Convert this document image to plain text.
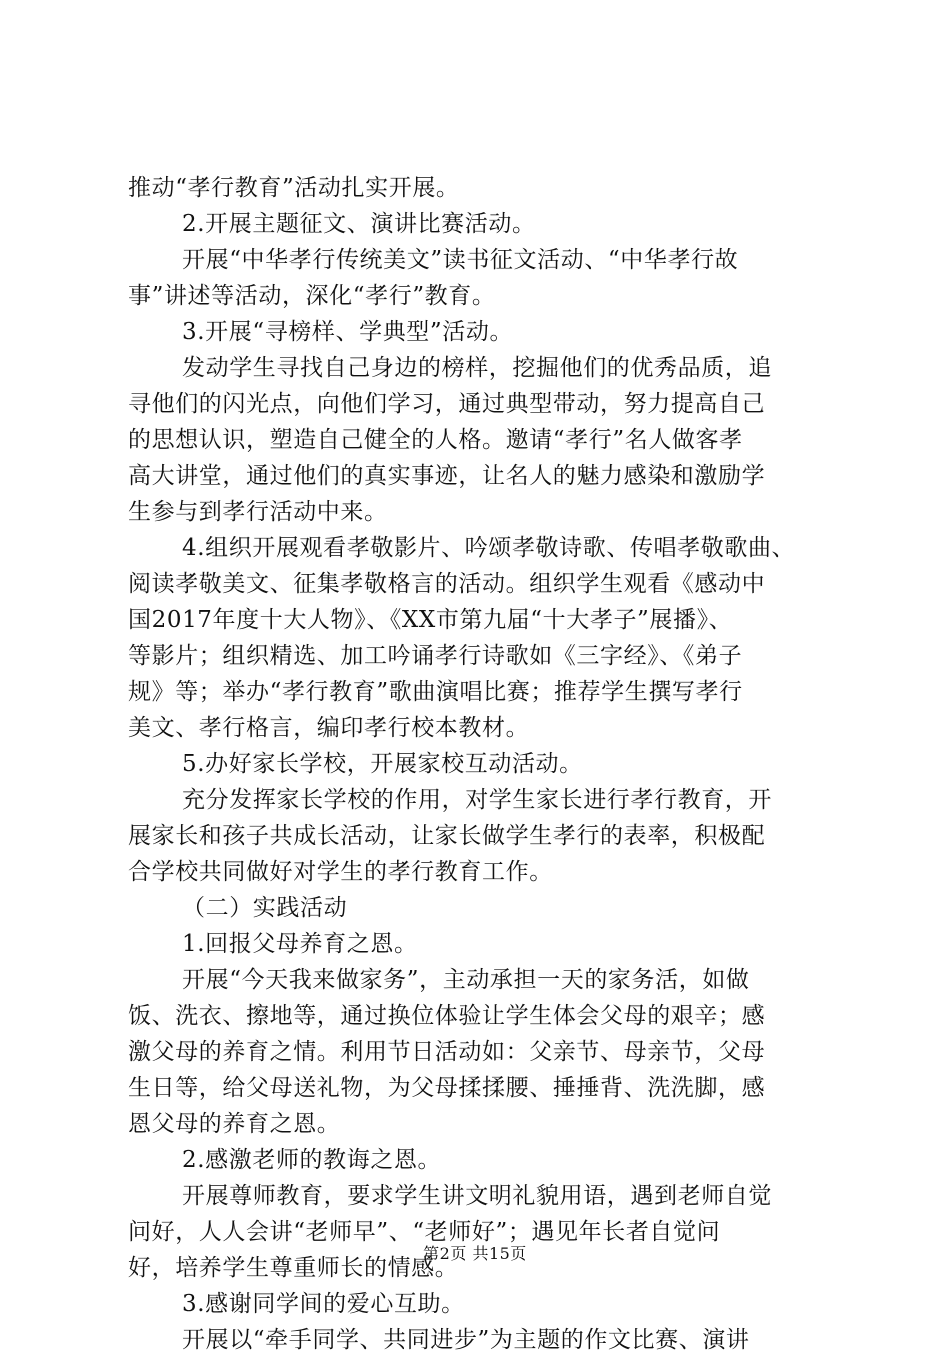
推动“孝行教育”活动扎实开展。
2.开展主题征文、演讲比赛活动。
开展“中华孝行传统美文”读书征文活动、“中华孝行故
事”讲述等活动，深化“孝行”教育。
3.开展“寻榜样、学典型”活动。
发动学生寻找自己身边的榜样，挖掘他们的优秀品质，追
寻他们的闪光点，向他们学习，通过典型带动，努力提高自己
的思想认识，塑造自己健全的人格。邀请“孝行”名人做客孝
高大讲堂，通过他们的真实事迹，让名人的魅力感染和激励学
生参与到孝行活动中来。
4.组织开展观看孝敬影片、吟颂孝敬诗歌、传唱孝敬歌曲、
阅读孝敬美文、征集孝敬格言的活动。组织学生观看《感动中
国2017年度十大人物》、《XX市第九届“十大孝子”展播》、
等影片；组织精选、加工吟诵孝行诗歌如《三字经》、《弟子
规》等；举办“孝行教育”歌曲演唱比赛；推荐学生撰写孝行
美文、孝行格言，编印孝行校本教材。
5.办好家长学校，开展家校互动活动。
充分发挥家长学校的作用，对学生家长进行孝行教育，开
展家长和孩子共成长活动，让家长做学生孝行的表率，积极配
合学校共同做好对学生的孝行教育工作。
（二）实践活动
1.回报父母养育之恩。
开展“今天我来做家务”，主动承担一天的家务活，如做
饭、洗衣、擦地等，通过换位体验让学生体会父母的艰辛；感
激父母的养育之情。利用节日活动如：父亲节、母亲节，父母
生日等，给父母送礼物，为父母揉揉腰、捶捶背、洗洗脚，感
恩父母的养育之恩。
2.感激老师的教诲之恩。
开展尊师教育，要求学生讲文明礼貌用语，遇到老师自觉
问好，人人会讲“老师早”、“老师好”；遇见年长者自觉问
好，培养学生尊重师长的情感。
3.感谢同学间的爱心互助。
开展以“牵手同学、共同进步”为主题的作文比赛、演讲
第2页 共15页
